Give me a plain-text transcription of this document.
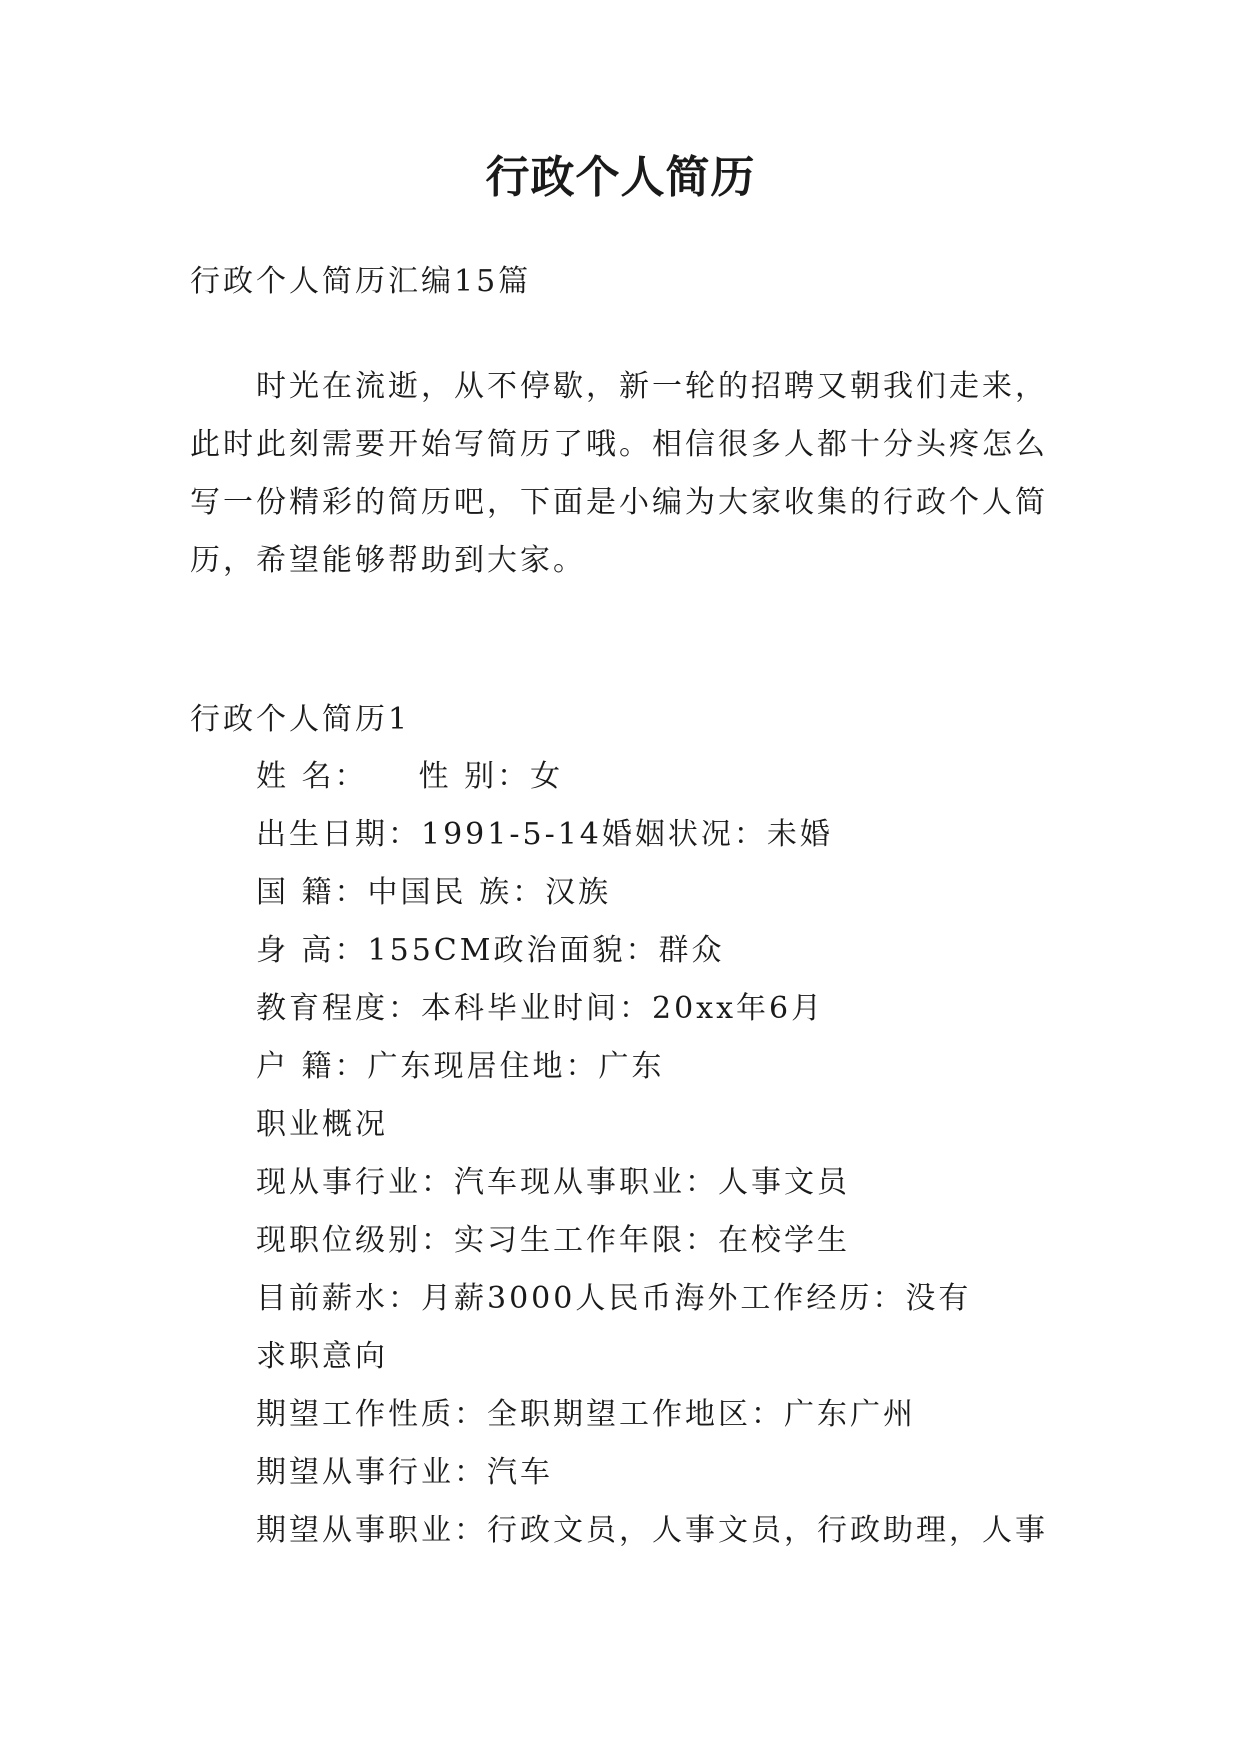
行政个人简历
行政个人简历汇编15篇
　　时光在流逝，从不停歇，新一轮的招聘又朝我们走来，
此时此刻需要开始写简历了哦。相信很多人都十分头疼怎么
写一份精彩的简历吧，下面是小编为大家收集的行政个人简
历，希望能够帮助到大家。
行政个人简历1
姓 名：　　性 别：女
出生日期：1991-5-14婚姻状况：未婚
国 籍：中国民 族：汉族
身 高：155CM政治面貌：群众
教育程度：本科毕业时间：20xx年6月
户 籍：广东现居住地：广东
职业概况
现从事行业：汽车现从事职业：人事文员
现职位级别：实习生工作年限：在校学生
目前薪水：月薪3000人民币海外工作经历：没有
求职意向
期望工作性质：全职期望工作地区：广东广州
期望从事行业：汽车
期望从事职业：行政文员，人事文员，行政助理，人事
